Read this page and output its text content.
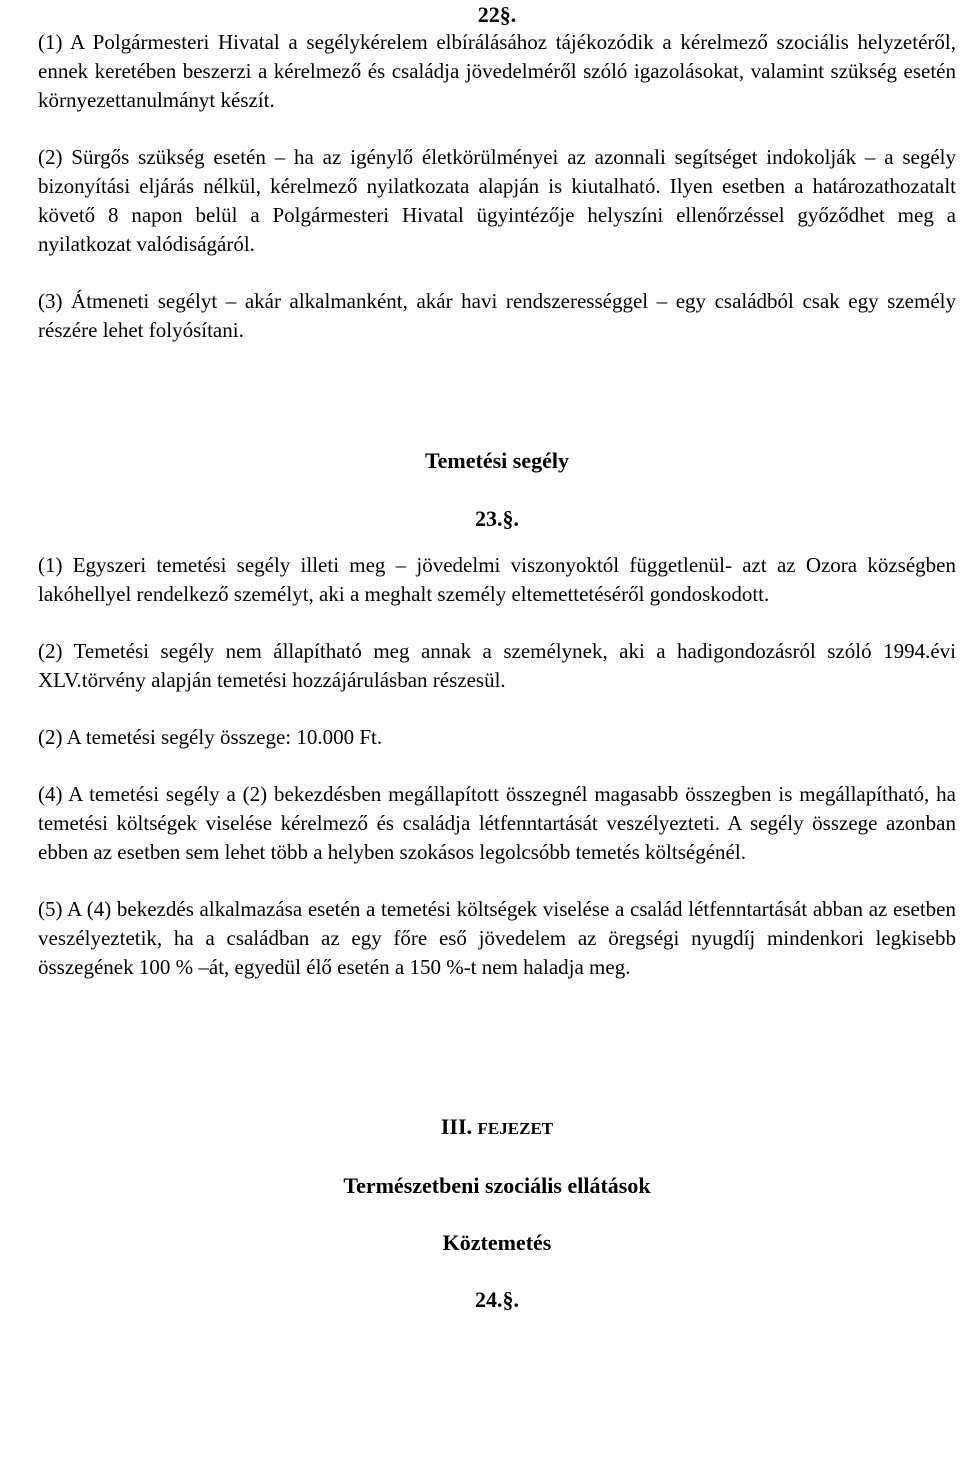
22§.

(1) A Polgármesteri Hivatal a segélykérelem elbírálásához tájékozódik a kérelmező szociális helyzetéről, ennek keretében beszerzi a kérelmező és családja jövedelméről szóló igazolásokat, valamint szükség esetén környezettanulmányt készít.

(2) Sürgős szükség esetén – ha az igénylő életkörülményei az azonnali segítséget indokolják – a segély bizonyítási eljárás nélkül, kérelmező nyilatkozata alapján is kiutalható. Ilyen esetben a határozathozatalt követő 8 napon belül a Polgármesteri Hivatal ügyintézője helyszíni ellenőrzéssel győződhet meg a nyilatkozat valódiságáról.

(3) Átmeneti segélyt – akár alkalmanként, akár havi rendszerességgel – egy családból csak egy személy részére lehet folyósítani.

Temetési segély

23.§.

(1) Egyszeri temetési segély illeti meg – jövedelmi viszonyoktól függetlenül- azt az Ozora községben lakóhellyel rendelkező személyt, aki a meghalt személy eltemettetéséről gondoskodott.

(2) Temetési segély nem állapítható meg annak a személynek, aki a hadigondozásról szóló 1994.évi XLV.törvény alapján temetési hozzájárulásban részesül.

(2) A temetési segély összege: 10.000 Ft.

(4) A temetési segély a (2) bekezdésben megállapított összegnél magasabb összegben is megállapítható, ha temetési költségek viselése kérelmező és családja létfenntartását veszélyezteti. A segély összege azonban ebben az esetben sem lehet több a helyben szokásos legolcsóbb temetés költségénél.

(5) A (4) bekezdés alkalmazása esetén a temetési költségek viselése a család létfenntartását abban az esetben veszélyeztetik, ha a családban az egy főre eső jövedelem az öregségi nyugdíj mindenkori legkisebb összegének 100 % –át, egyedül élő esetén a 150 %-t nem haladja meg.

III. FEJEZET

Természetbeni szociális ellátások

Köztemetés

24.§.
